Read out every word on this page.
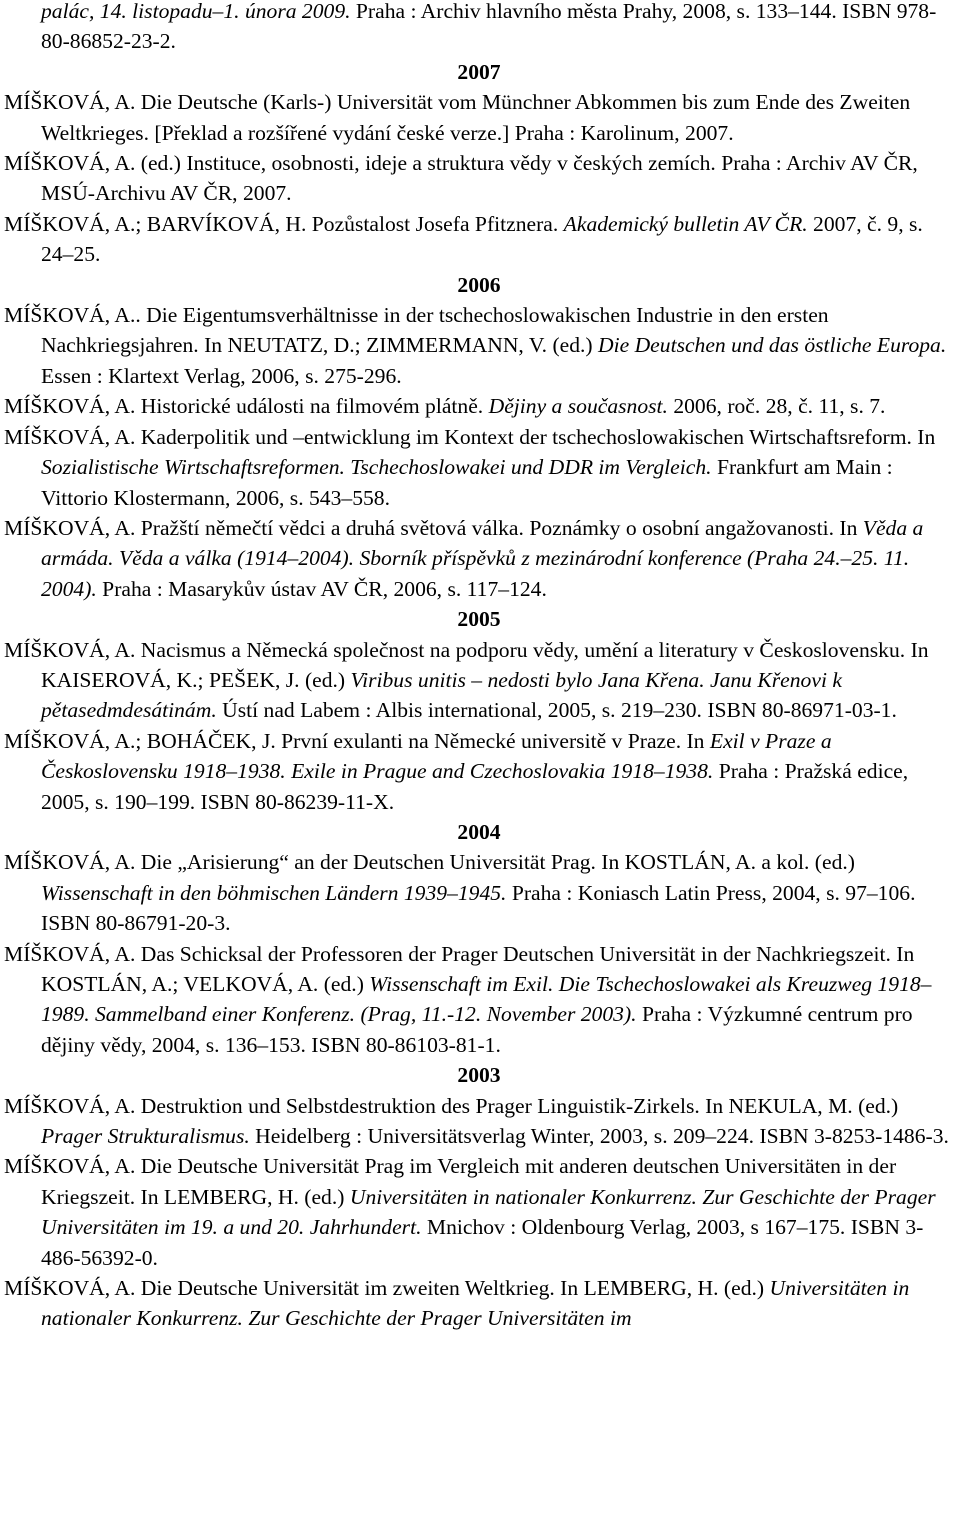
palác, 14. listopadu–1. února 2009. Praha : Archiv hlavního města Prahy, 2008, s. 133–144. ISBN 978-80-86852-23-2.

2007

MÍŠKOVÁ, A. Die Deutsche (Karls-) Universität vom Münchner Abkommen bis zum Ende des Zweiten Weltkrieges. [Překlad a rozšířené vydání české verze.] Praha : Karolinum, 2007.

MÍŠKOVÁ, A. (ed.) Instituce, osobnosti, ideje a struktura vědy v českých zemích. Praha : Archiv AV ČR, MSÚ-Archivu AV ČR, 2007.

MÍŠKOVÁ, A.; BARVÍKOVÁ, H. Pozůstalost Josefa Pfitznera. Akademický bulletin AV ČR. 2007, č. 9, s. 24–25.

2006

MÍŠKOVÁ, A.. Die Eigentumsverhältnisse in der tschechoslowakischen Industrie in den ersten Nachkriegsjahren. In NEUTATZ, D.; ZIMMERMANN, V. (ed.) Die Deutschen und das östliche Europa. Essen : Klartext Verlag, 2006, s. 275-296.

MÍŠKOVÁ, A. Historické události na filmovém plátně. Dějiny a současnost. 2006, roč. 28, č. 11, s. 7.

MÍŠKOVÁ, A. Kaderpolitik und –entwicklung im Kontext der tschechoslowakischen Wirtschaftsreform. In Sozialistische Wirtschaftsreformen. Tschechoslowakei und DDR im Vergleich. Frankfurt am Main : Vittorio Klostermann, 2006, s. 543–558.

MÍŠKOVÁ, A. Pražští němečtí vědci a druhá světová válka. Poznámky o osobní angažovanosti. In Věda a armáda. Věda a válka (1914–2004). Sborník příspěvků z mezinárodní konference (Praha 24.–25. 11. 2004). Praha : Masarykův ústav AV ČR, 2006, s. 117–124.

2005

MÍŠKOVÁ, A. Nacismus a Německá společnost na podporu vědy, umění a literatury v Československu. In KAISEROVÁ, K.; PEŠEK, J. (ed.) Viribus unitis – nedosti bylo Jana Křena. Janu Křenovi k pětasedmdesátinám. Ústí nad Labem : Albis international, 2005, s. 219–230. ISBN 80-86971-03-1.

MÍŠKOVÁ, A.; BOHÁČEK, J. První exulanti na Německé universitě v Praze. In Exil v Praze a Československu 1918–1938. Exile in Prague and Czechoslovakia 1918–1938. Praha : Pražská edice, 2005, s. 190–199. ISBN 80-86239-11-X.

2004

MÍŠKOVÁ, A. Die „Arisierung“ an der Deutschen Universität Prag. In KOSTLÁN, A. a kol. (ed.) Wissenschaft in den böhmischen Ländern 1939–1945. Praha : Koniasch Latin Press, 2004, s. 97–106. ISBN 80-86791-20-3.

MÍŠKOVÁ, A. Das Schicksal der Professoren der Prager Deutschen Universität in der Nachkriegszeit. In KOSTLÁN, A.; VELKOVÁ, A. (ed.) Wissenschaft im Exil. Die Tschechoslowakei als Kreuzweg 1918–1989. Sammelband einer Konferenz. (Prag, 11.-12. November 2003). Praha : Výzkumné centrum pro dějiny vědy, 2004, s. 136–153. ISBN 80-86103-81-1.

2003

MÍŠKOVÁ, A. Destruktion und Selbstdestruktion des Prager Linguistik-Zirkels. In NEKULA, M. (ed.) Prager Strukturalismus. Heidelberg : Universitätsverlag Winter, 2003, s. 209–224. ISBN 3-8253-1486-3.

MÍŠKOVÁ, A. Die Deutsche Universität Prag im Vergleich mit anderen deutschen Universitäten in der Kriegszeit. In LEMBERG, H. (ed.) Universitäten in nationaler Konkurrenz. Zur Geschichte der Prager Universitäten im 19. a und 20. Jahrhundert. Mnichov : Oldenbourg Verlag, 2003, s 167–175. ISBN 3-486-56392-0.

MÍŠKOVÁ, A. Die Deutsche Universität im zweiten Weltkrieg. In LEMBERG, H. (ed.) Universitäten in nationaler Konkurrenz. Zur Geschichte der Prager Universitäten im
